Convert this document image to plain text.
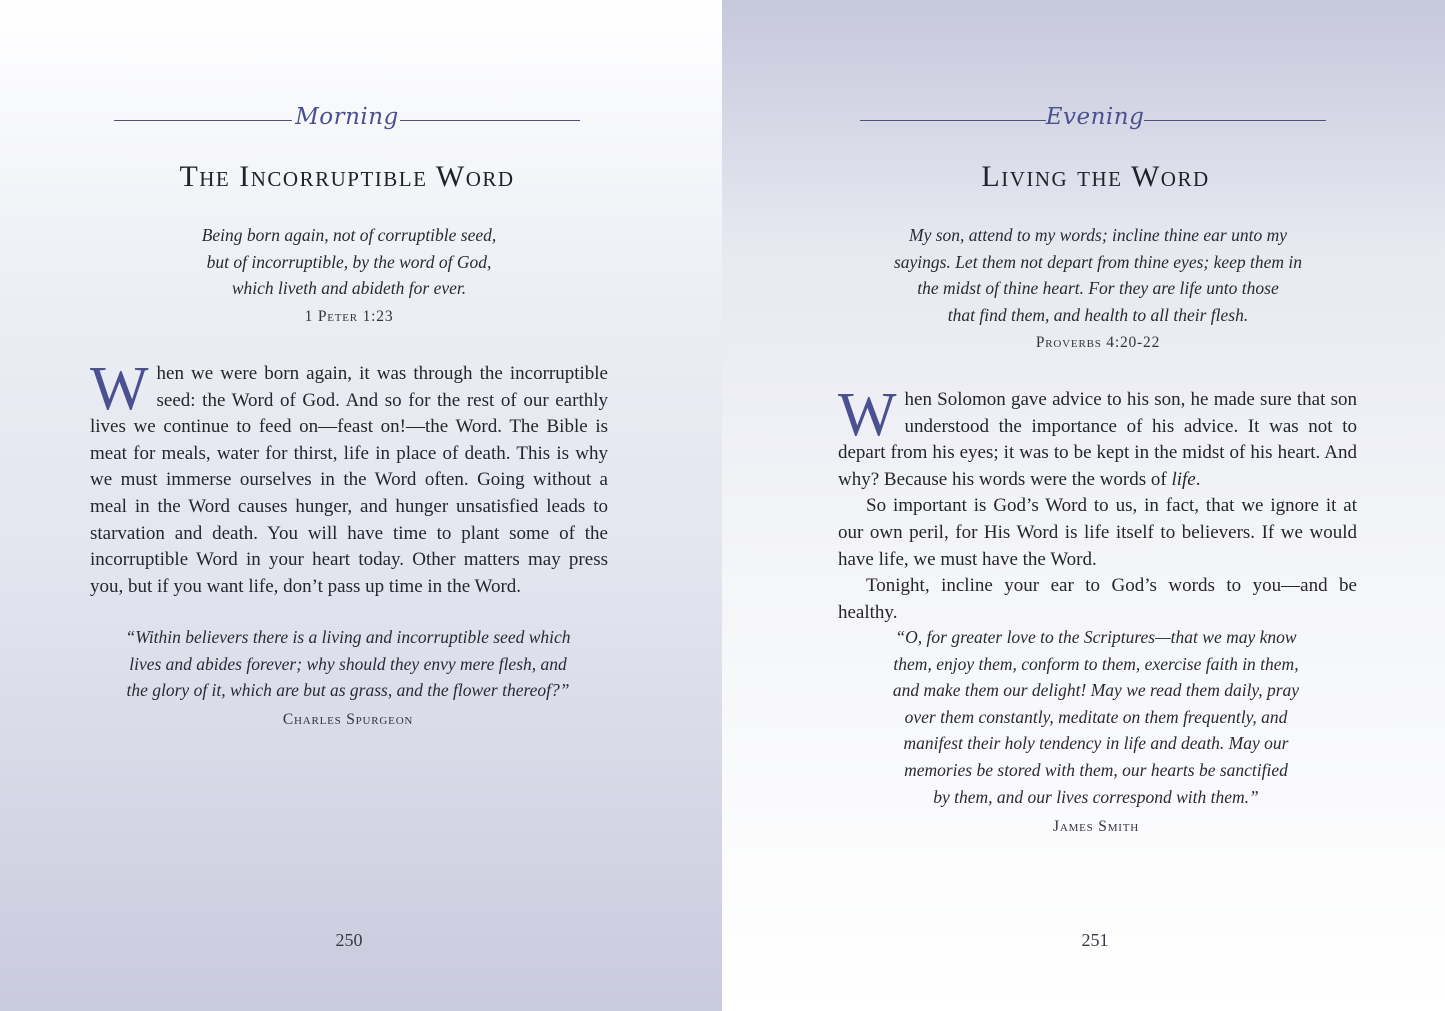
Morning
The Incorruptible Word
Being born again, not of corruptible seed,
but of incorruptible, by the word of God,
which liveth and abideth for ever.
1 Peter 1:23

When we were born again, it was through the incorruptible seed: the Word of God. And so for the rest of our earthly lives we continue to feed on—feast on!—the Word. The Bible is meat for meals, water for thirst, life in place of death. This is why we must immerse ourselves in the Word often. Going without a meal in the Word causes hunger, and hunger unsatisfied leads to starvation and death. You will have time to plant some of the incorruptible Word in your heart today. Other matters may press you, but if you want life, don’t pass up time in the Word.

“Within believers there is a living and incorruptible seed which
lives and abides forever; why should they envy mere flesh, and
the glory of it, which are but as grass, and the flower thereof?”
Charles Spurgeon
250
Evening
Living the Word
My son, attend to my words; incline thine ear unto my
sayings. Let them not depart from thine eyes; keep them in
the midst of thine heart. For they are life unto those
that find them, and health to all their flesh.
Proverbs 4:20-22

When Solomon gave advice to his son, he made sure that son understood the importance of his advice. It was not to depart from his eyes; it was to be kept in the midst of his heart. And why? Because his words were the words of life.

So important is God’s Word to us, in fact, that we ignore it at our own peril, for His Word is life itself to believers. If we would have life, we must have the Word.

Tonight, incline your ear to God’s words to you—and be healthy.

“O, for greater love to the Scriptures—that we may know
them, enjoy them, conform to them, exercise faith in them,
and make them our delight! May we read them daily, pray
over them constantly, meditate on them frequently, and
manifest their holy tendency in life and death. May our
memories be stored with them, our hearts be sanctified
by them, and our lives correspond with them.”
James Smith
251
